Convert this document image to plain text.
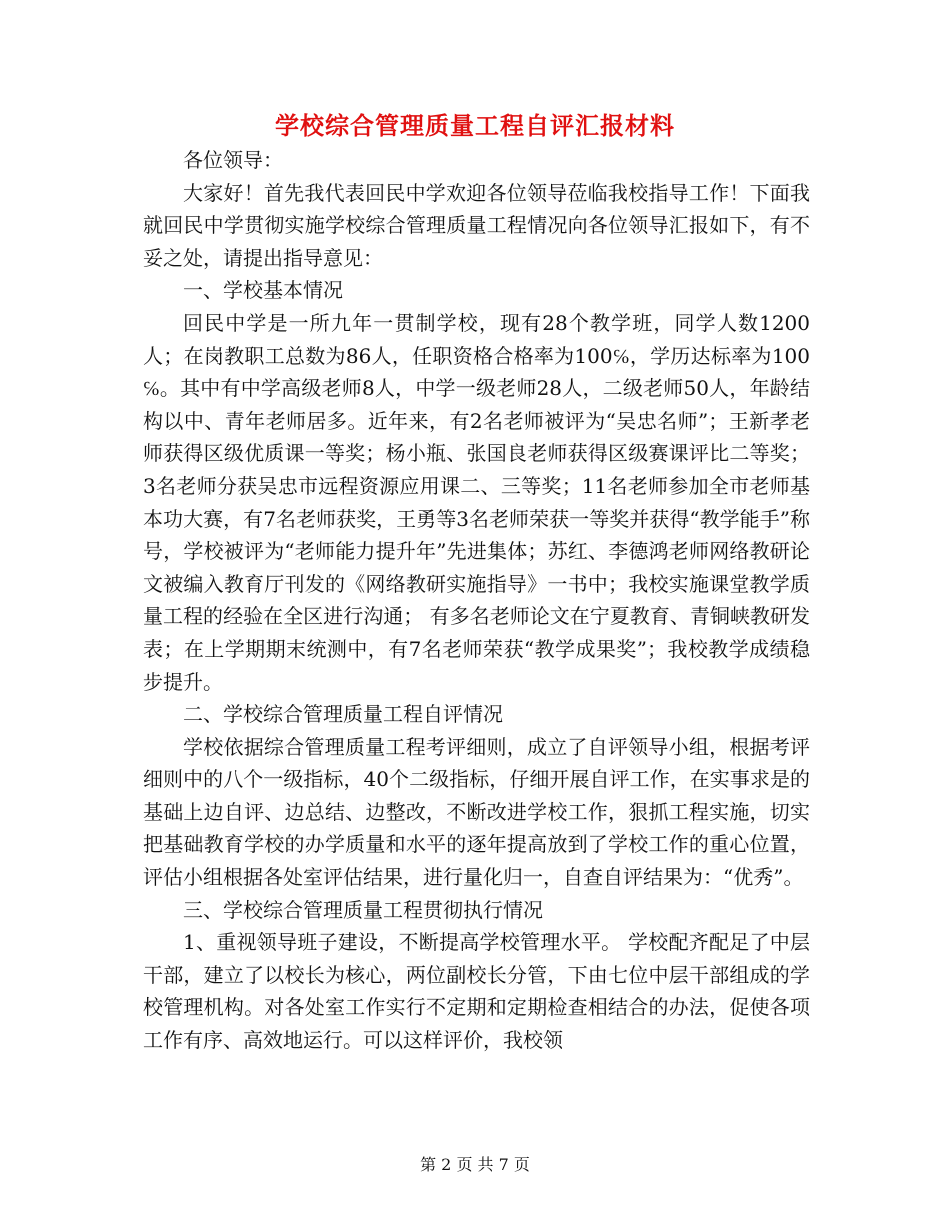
学校综合管理质量工程自评汇报材料

各位领导：

大家好！首先我代表回民中学欢迎各位领导莅临我校指导工作！下面我就回民中学贯彻实施学校综合管理质量工程情况向各位领导汇报如下，有不妥之处，请提出指导意见：

一、学校基本情况

回民中学是一所九年一贯制学校，现有28个教学班，同学人数1200人；在岗教职工总数为86人，任职资格合格率为100℅，学历达标率为100℅。其中有中学高级老师8人，中学一级老师28人，二级老师50人，年龄结构以中、青年老师居多。近年来，有2名老师被评为“吴忠名师”；王新孝老师获得区级优质课一等奖；杨小瓶、张国良老师获得区级赛课评比二等奖；3名老师分获吴忠市远程资源应用课二、三等奖；11名老师参加全市老师基本功大赛，有7名老师获奖，王勇等3名老师荣获一等奖并获得“教学能手”称号，学校被评为“老师能力提升年”先进集体；苏红、李德鸿老师网络教研论文被编入教育厅刊发的《网络教研实施指导》一书中；我校实施课堂教学质量工程的经验在全区进行沟通； 有多名老师论文在宁夏教育、青铜峡教研发表；在上学期期末统测中，有7名老师荣获“教学成果奖”；我校教学成绩稳步提升。

二、学校综合管理质量工程自评情况

学校依据综合管理质量工程考评细则，成立了自评领导小组，根据考评细则中的八个一级指标，40个二级指标，仔细开展自评工作，在实事求是的基础上边自评、边总结、边整改，不断改进学校工作，狠抓工程实施，切实把基础教育学校的办学质量和水平的逐年提高放到了学校工作的重心位置，评估小组根据各处室评估结果，进行量化归一，自查自评结果为：“优秀”。

三、学校综合管理质量工程贯彻执行情况

1、重视领导班子建设，不断提高学校管理水平。 学校配齐配足了中层干部，建立了以校长为核心，两位副校长分管，下由七位中层干部组成的学校管理机构。对各处室工作实行不定期和定期检查相结合的办法，促使各项工作有序、高效地运行。可以这样评价，我校领

第 2 页 共 7 页
